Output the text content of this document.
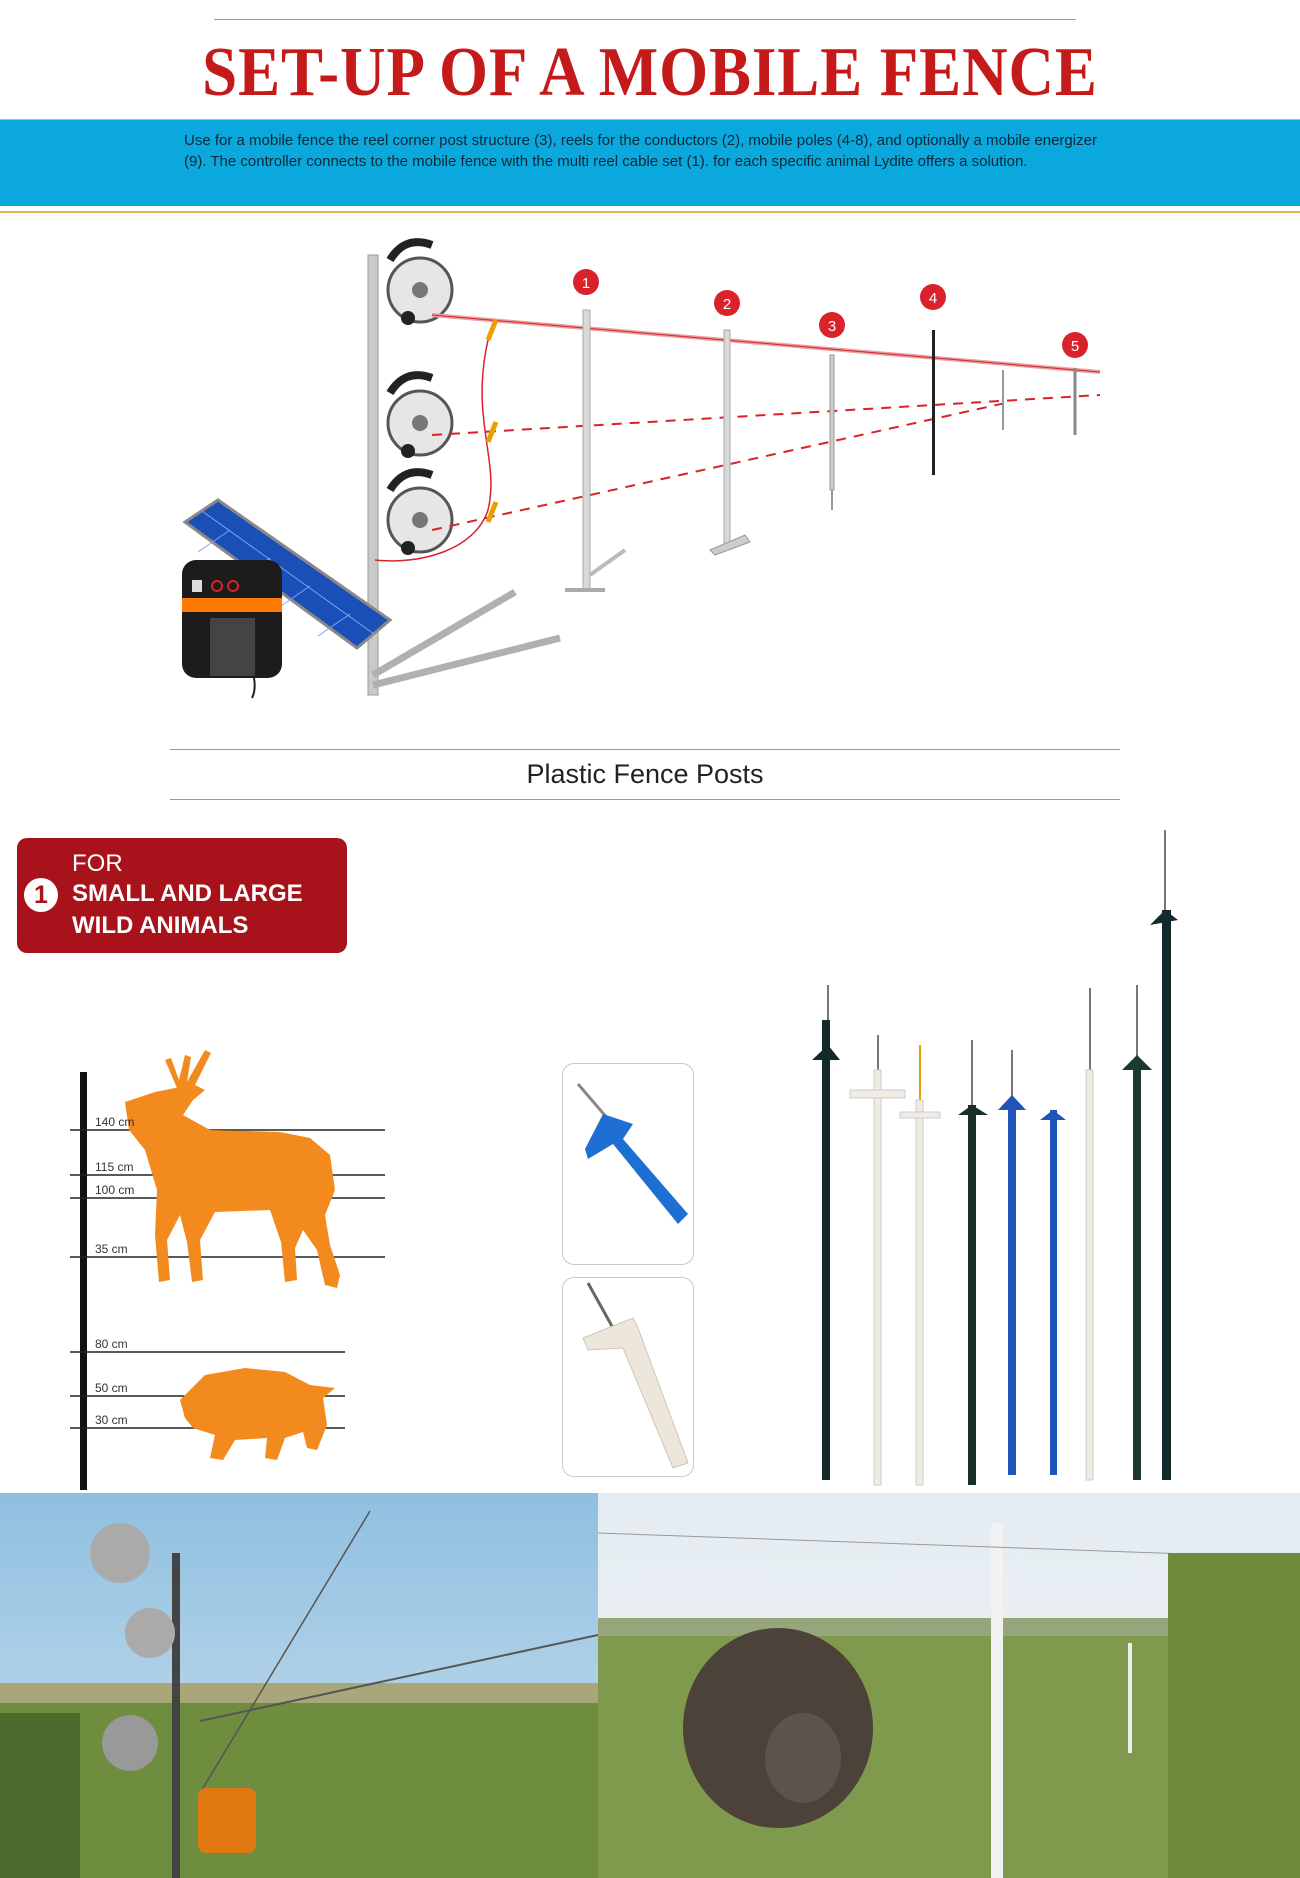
SET-UP OF A MOBILE FENCE
Use for a mobile fence the reel corner post structure (3), reels for the conductors (2), mobile poles (4-8), and optionally a mobile energizer (9). The controller connects to the mobile fence with the multi reel cable set (1). for each specific animal Lydite offers a solution.
1
2
3
4
5
Plastic Fence Posts
1
FOR
SMALL AND LARGE
WILD ANIMALS
140 cm
115 cm
100 cm
35 cm
80 cm
50 cm
30 cm
